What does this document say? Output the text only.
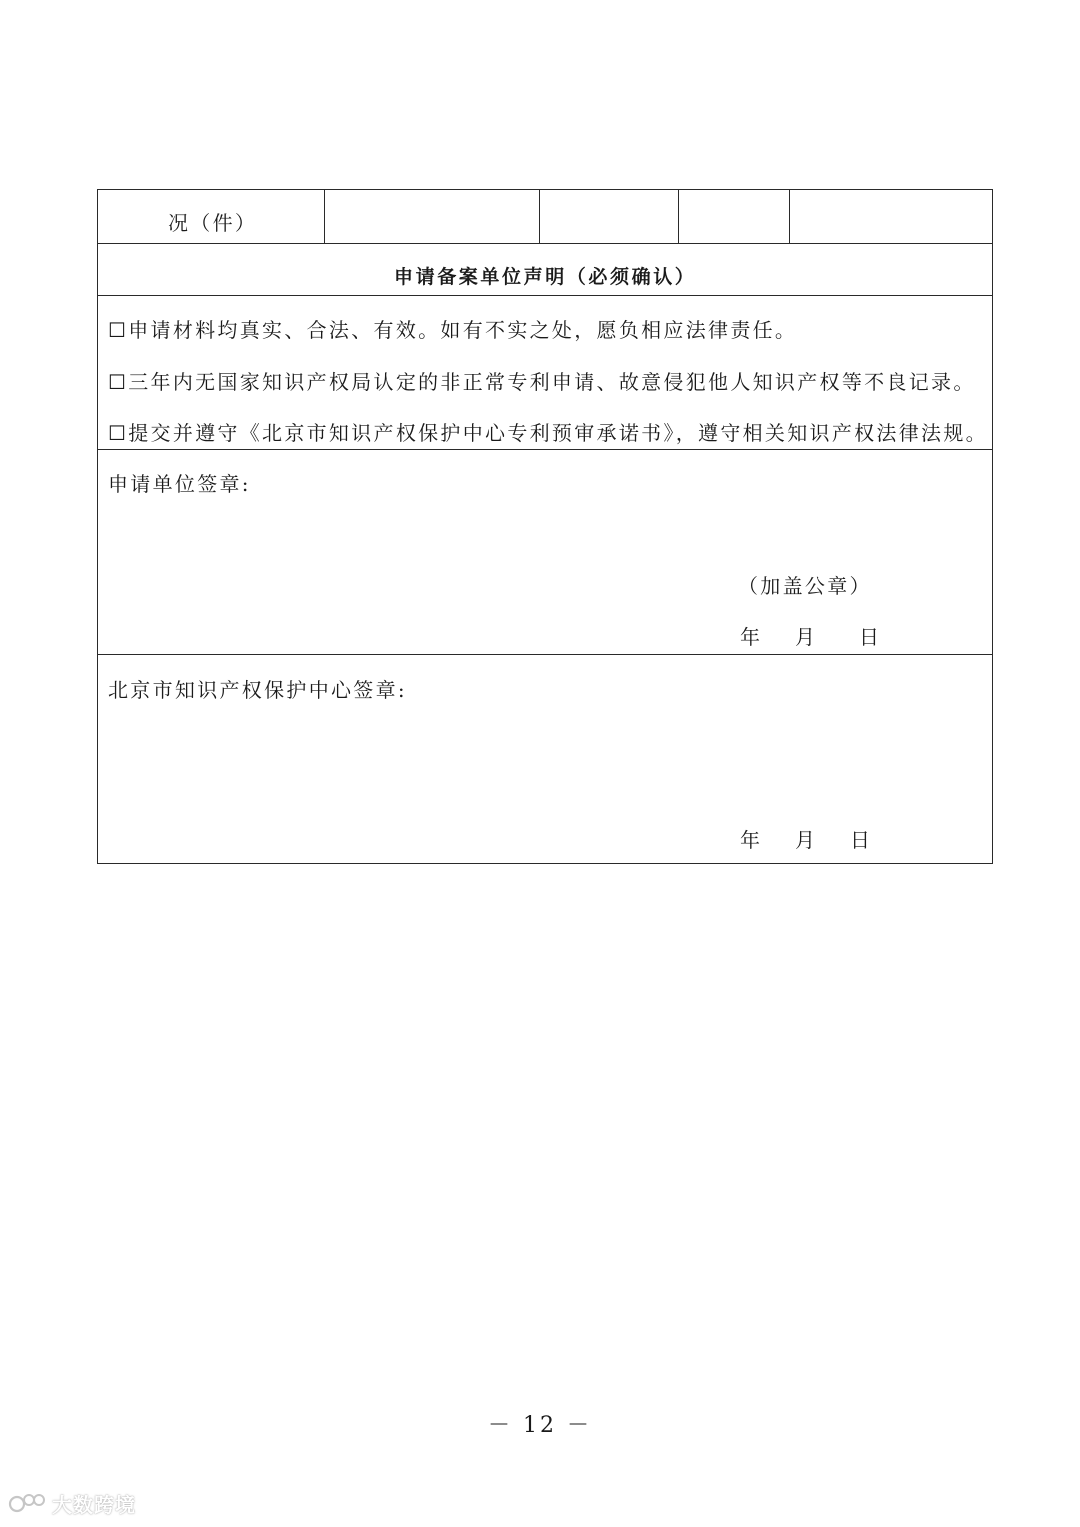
况（件）
申请备案单位声明（必须确认）
☐申请材料均真实、合法、有效。如有不实之处，愿负相应法律责任。
☐三年内无国家知识产权局认定的非正常专利申请、故意侵犯他人知识产权等不良记录。
☐提交并遵守《北京市知识产权保护中心专利预审承诺书》，遵守相关知识产权法律法规。
申请单位签章:
（加盖公章）
年 月 日
北京市知识产权保护中心签章:
年 月 日
－ 12 －
大数跨境
